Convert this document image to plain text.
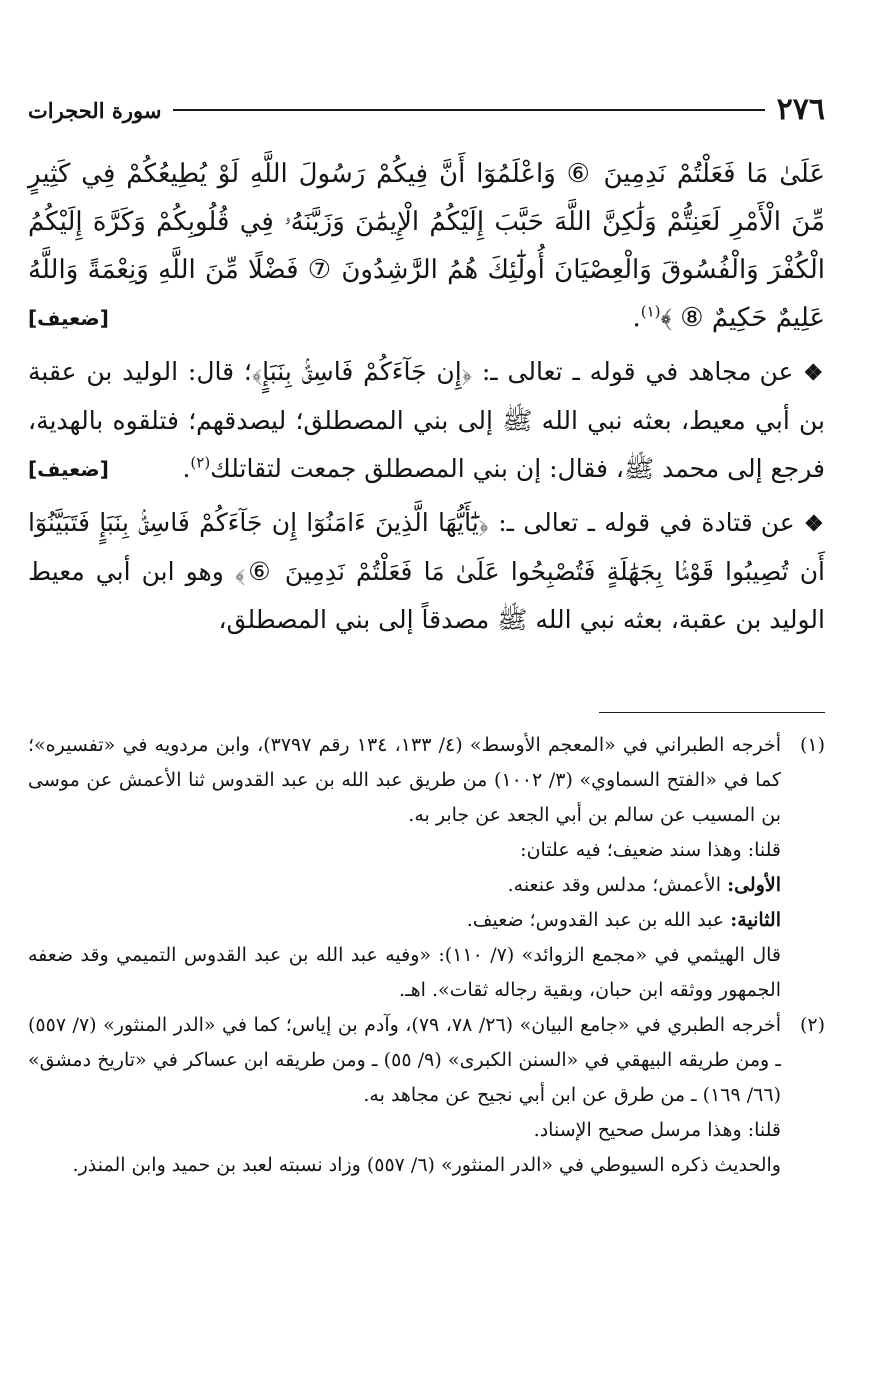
٢٧٦
سورة الحجرات

عَلَىٰ مَا فَعَلْتُمْ نَدِمِينَ ⑥ وَاعْلَمُوٓا أَنَّ فِيكُمْ رَسُولَ اللَّهِ لَوْ يُطِيعُكُمْ فِي كَثِيرٍ مِّنَ الْأَمْرِ لَعَنِتُّمْ وَلَٰكِنَّ اللَّهَ حَبَّبَ إِلَيْكُمُ الْإِيمَٰنَ وَزَيَّنَهُۥ فِي قُلُوبِكُمْ وَكَرَّهَ إِلَيْكُمُ الْكُفْرَ وَالْفُسُوقَ وَالْعِصْيَانَ أُولَٰٓئِكَ هُمُ الرَّٰشِدُونَ ⑦ فَضْلًا مِّنَ اللَّهِ وَنِعْمَةً وَاللَّهُ عَلِيمٌ حَكِيمٌ ⑧ ﴾$^{(١)}$.
[ضعيف]

❖ عن مجاهد في قوله ـ تعالى ـ: ﴿إِن جَآءَكُمْ فَاسِقٌۢ بِنَبَإٍ﴾؛ قال: الوليد بن عقبة بن أبي معيط، بعثه نبي الله ﷺ إلى بني المصطلق؛ ليصدقهم؛ فتلقوه بالهدية، فرجع إلى محمد ﷺ، فقال: إن بني المصطلق جمعت لتقاتلك$^{(٢)}$.
[ضعيف]

❖ عن قتادة في قوله ـ تعالى ـ: ﴿يَٰٓأَيُّهَا الَّذِينَ ءَامَنُوٓا إِن جَآءَكُمْ فَاسِقٌۢ بِنَبَإٍ فَتَبَيَّنُوٓا أَن تُصِيبُوا قَوْمًۢا بِجَهَٰلَةٍ فَتُصْبِحُوا عَلَىٰ مَا فَعَلْتُمْ نَدِمِينَ ⑥﴾ وهو ابن أبي معيط الوليد بن عقبة، بعثه نبي الله ﷺ مصدقاً إلى بني المصطلق،

(١)

أخرجه الطبراني في «المعجم الأوسط» (٤/ ١٣٣، ١٣٤ رقم ٣٧٩٧)، وابن مردويه في «تفسيره»؛ كما في «الفتح السماوي» (٣/ ١٠٠٢) من طريق عبد الله بن عبد القدوس ثنا الأعمش عن موسى بن المسيب عن سالم بن أبي الجعد عن جابر به.

قلنا: وهذا سند ضعيف؛ فيه علتان:

الأولى: الأعمش؛ مدلس وقد عنعنه.

الثانية: عبد الله بن عبد القدوس؛ ضعيف.

قال الهيثمي في «مجمع الزوائد» (٧/ ١١٠): «وفيه عبد الله بن عبد القدوس التميمي وقد ضعفه الجمهور ووثقه ابن حبان، وبقية رجاله ثقات». اهـ.

(٢)

أخرجه الطبري في «جامع البيان» (٢٦/ ٧٨، ٧٩)، وآدم بن إياس؛ كما في «الدر المنثور» (٧/ ٥٥٧) ـ ومن طريقه البيهقي في «السنن الكبرى» (٩/ ٥٥) ـ ومن طريقه ابن عساكر في «تاريخ دمشق» (٦٦/ ١٦٩) ـ من طرق عن ابن أبي نجيح عن مجاهد به.

قلنا: وهذا مرسل صحيح الإسناد.

والحديث ذكره السيوطي في «الدر المنثور» (٦/ ٥٥٧) وزاد نسبته لعبد بن حميد وابن المنذر.
